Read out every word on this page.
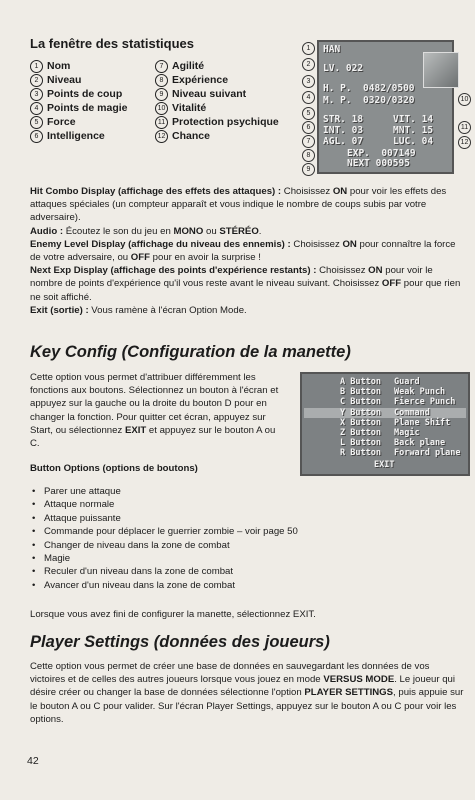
La fenêtre des statistiques
1 Nom
2 Niveau
3 Points de coup
4 Points de magie
5 Force
6 Intelligence
7 Agilité
8 Expérience
9 Niveau suivant
10 Vitalité
11 Protection psychique
12 Chance
1
2
3
4
5
6
7
8
9
HAN
LV. 022
H. P.  0482/0500
M. P.  0320/0320
STR. 18	VIT. 14
INT. 03	MNT. 15
AGL. 07	LUC. 04
EXP.  007149
NEXT 000595
10
11
12
Hit Combo Display (affichage des effets des attaques) : Choisissez ON pour voir les effets des attaques spéciales (un compteur apparaît et vous indique le nombre de coups subis par votre adversaire).
Audio : Écoutez le son du jeu en MONO ou STÉRÉO.
Enemy Level Display (affichage du niveau des ennemis) : Choisissez ON pour connaître la force de votre adversaire, ou OFF pour en avoir la surprise !
Next Exp Display (affichage des points d'expérience restants) : Choisissez ON pour voir le nombre de points d'expérience qu'il vous reste avant le niveau suivant. Choisissez OFF pour que rien ne soit affiché.
Exit (sortie) : Vous ramène à l'écran Option Mode.
Key Config (Configuration de la manette)
Cette option vous permet d'attribuer différemment les fonctions aux boutons. Sélectionnez un bouton à l'écran et appuyez sur la gauche ou la droite du bouton D pour en changer la fonction. Pour quitter cet écran, appuyez sur Start, ou sélectionnez EXIT et appuyez sur le bouton A ou C.
A Button Guard
B Button Weak Punch
C Button Fierce Punch
Y Button Command
X Button Plane Shift
Z Button Magic
L Button Back plane
R Button Forward plane
EXIT
Button Options (options de boutons)
• Parer une attaque
• Attaque normale
• Attaque puissante
• Commande pour déplacer le guerrier zombie – voir page 50
• Changer de niveau dans la zone de combat
• Magie
• Reculer d'un niveau dans la zone de combat
• Avancer d'un niveau dans la zone de combat
Lorsque vous avez fini de configurer la manette, sélectionnez EXIT.
Player Settings (données des joueurs)
Cette option vous permet de créer une base de données en sauvegardant les données de vos victoires et de celles des autres joueurs lorsque vous jouez en mode VERSUS MODE. Le joueur qui désire créer ou changer la base de données sélectionne l'option PLAYER SETTINGS, puis appuie sur le bouton A ou C pour valider. Sur l'écran Player Settings, appuyez sur le bouton A ou C pour voir les options.
42
